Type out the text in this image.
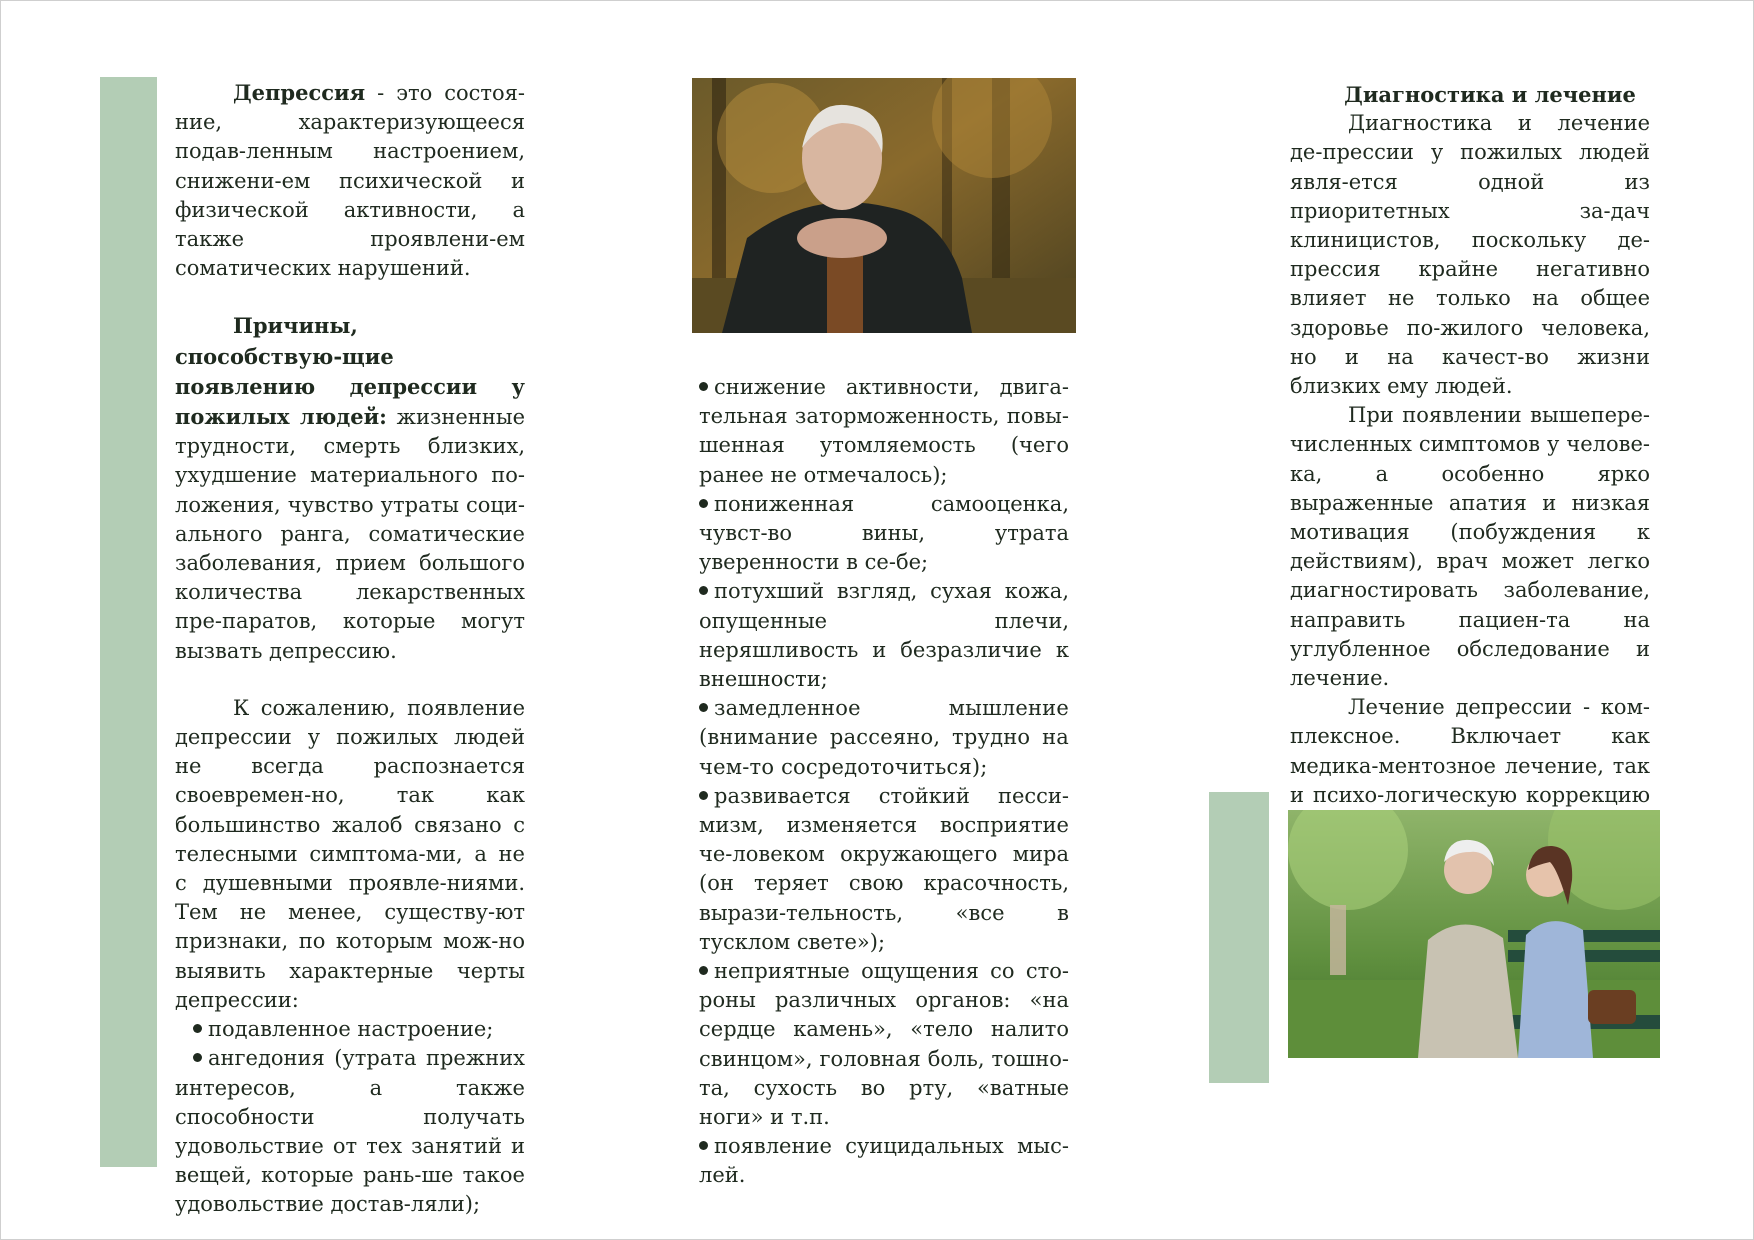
Депрессия - это состоя-ние, характеризующееся подав-ленным настроением, снижени-ем психической и физической активности, а также проявлени-ем соматических нарушений.

Причины, способствую-щие появлению депрессии у пожилых людей: жизненные трудности, смерть близких, ухудшение материального по-ложения, чувство утраты соци-ального ранга, соматические заболевания, прием большого количества лекарственных пре-паратов, которые могут вызвать депрессию.

К сожалению, появление депрессии у пожилых людей не всегда распознается своевремен-но, так как большинство жалоб связано с телесными симптома-ми, а не с душевными проявле-ниями. Тем не менее, существу-ют признаки, по которым мож-но выявить характерные черты депрессии:

подавленное настроение;

ангедония (утрата прежних интересов, а также способности получать удовольствие от тех занятий и вещей, которые рань-ше такое удовольствие достав-ляли);

снижение активности, двига-тельная заторможенность, повы-шенная утомляемость (чего ранее не отмечалось);

пониженная самооценка, чувст-во вины, утрата уверенности в се-бе;

потухший взгляд, сухая кожа, опущенные плечи, неряшливость и безразличие к внешности;

замедленное мышление (внимание рассеяно, трудно на чем-то сосредоточиться);

развивается стойкий песси-мизм, изменяется восприятие че-ловеком окружающего мира (он теряет свою красочность, вырази-тельность, «все в тусклом свете»);

неприятные ощущения со сто-роны различных органов: «на сердце камень», «тело налито свинцом», головная боль, тошно-та, сухость во рту, «ватные ноги» и т.п.

появление суицидальных мыс-лей.

Диагностика и лечение

Диагностика и лечение де-прессии у пожилых людей явля-ется одной из приоритетных за-дач клиницистов, поскольку де-прессия крайне негативно влияет не только на общее здоровье по-жилого человека, но и на качест-во жизни близких ему людей.

При появлении вышепере-численных симптомов у челове-ка, а особенно ярко выраженные апатия и низкая мотивация (побуждения к действиям), врач может легко диагностировать заболевание, направить пациен-та на углубленное обследование и лечение.

Лечение депрессии - ком-плексное. Включает как медика-ментозное лечение, так и психо-логическую коррекцию
